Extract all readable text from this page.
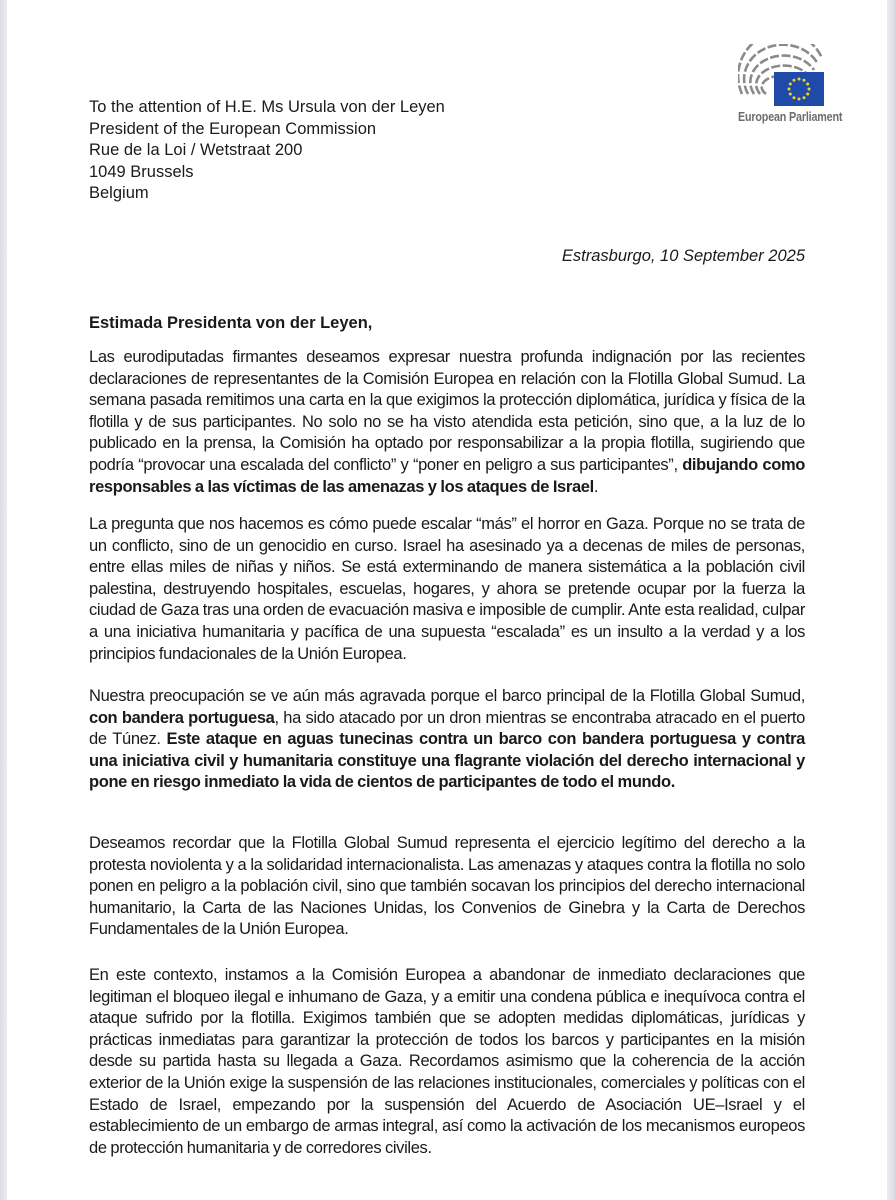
European Parliament
To the attention of H.E. Ms Ursula von der Leyen
President of the European Commission
Rue de la Loi / Wetstraat 200
1049 Brussels
Belgium
Estrasburgo, 10 September 2025
Estimada Presidenta von der Leyen,
Las eurodiputadas firmantes deseamos expresar nuestra profunda indignación por las recientes declaraciones de representantes de la Comisión Europea en relación con la Flotilla Global Sumud. La semana pasada remitimos una carta en la que exigimos la protección diplomática, jurídica y física de la flotilla y de sus participantes. No solo no se ha visto atendida esta petición, sino que, a la luz de lo publicado en la prensa, la Comisión ha optado por responsabilizar a la propia flotilla, sugiriendo que podría “provocar una escalada del conflicto” y “poner en peligro a sus participantes”, dibujando como responsables a las víctimas de las amenazas y los ataques de Israel.
La pregunta que nos hacemos es cómo puede escalar “más” el horror en Gaza. Porque no se trata de un conflicto, sino de un genocidio en curso. Israel ha asesinado ya a decenas de miles de personas, entre ellas miles de niñas y niños. Se está exterminando de manera sistemática a la población civil palestina, destruyendo hospitales, escuelas, hogares, y ahora se pretende ocupar por la fuerza la ciudad de Gaza tras una orden de evacuación masiva e imposible de cumplir. Ante esta realidad, culpar a una iniciativa humanitaria y pacífica de una supuesta “escalada” es un insulto a la verdad y a los principios fundacionales de la Unión Europea.
Nuestra preocupación se ve aún más agravada porque el barco principal de la Flotilla Global Sumud, con bandera portuguesa, ha sido atacado por un dron mientras se encontraba atracado en el puerto de Túnez. Este ataque en aguas tunecinas contra un barco con bandera portuguesa y contra una iniciativa civil y humanitaria constituye una flagrante violación del derecho internacional y pone en riesgo inmediato la vida de cientos de participantes de todo el mundo.
Deseamos recordar que la Flotilla Global Sumud representa el ejercicio legítimo del derecho a la protesta noviolenta y a la solidaridad internacionalista. Las amenazas y ataques contra la flotilla no solo ponen en peligro a la población civil, sino que también socavan los principios del derecho internacional humanitario, la Carta de las Naciones Unidas, los Convenios de Ginebra y la Carta de Derechos Fundamentales de la Unión Europea.
En este contexto, instamos a la Comisión Europea a abandonar de inmediato declaraciones que legitiman el bloqueo ilegal e inhumano de Gaza, y a emitir una condena pública e inequívoca contra el ataque sufrido por la flotilla. Exigimos también que se adopten medidas diplomáticas, jurídicas y prácticas inmediatas para garantizar la protección de todos los barcos y participantes en la misión desde su partida hasta su llegada a Gaza. Recordamos asimismo que la coherencia de la acción exterior de la Unión exige la suspensión de las relaciones institucionales, comerciales y políticas con el Estado de Israel, empezando por la suspensión del Acuerdo de Asociación UE–Israel y el establecimiento de un embargo de armas integral, así como la activación de los mecanismos europeos de protección humanitaria y de corredores civiles.
